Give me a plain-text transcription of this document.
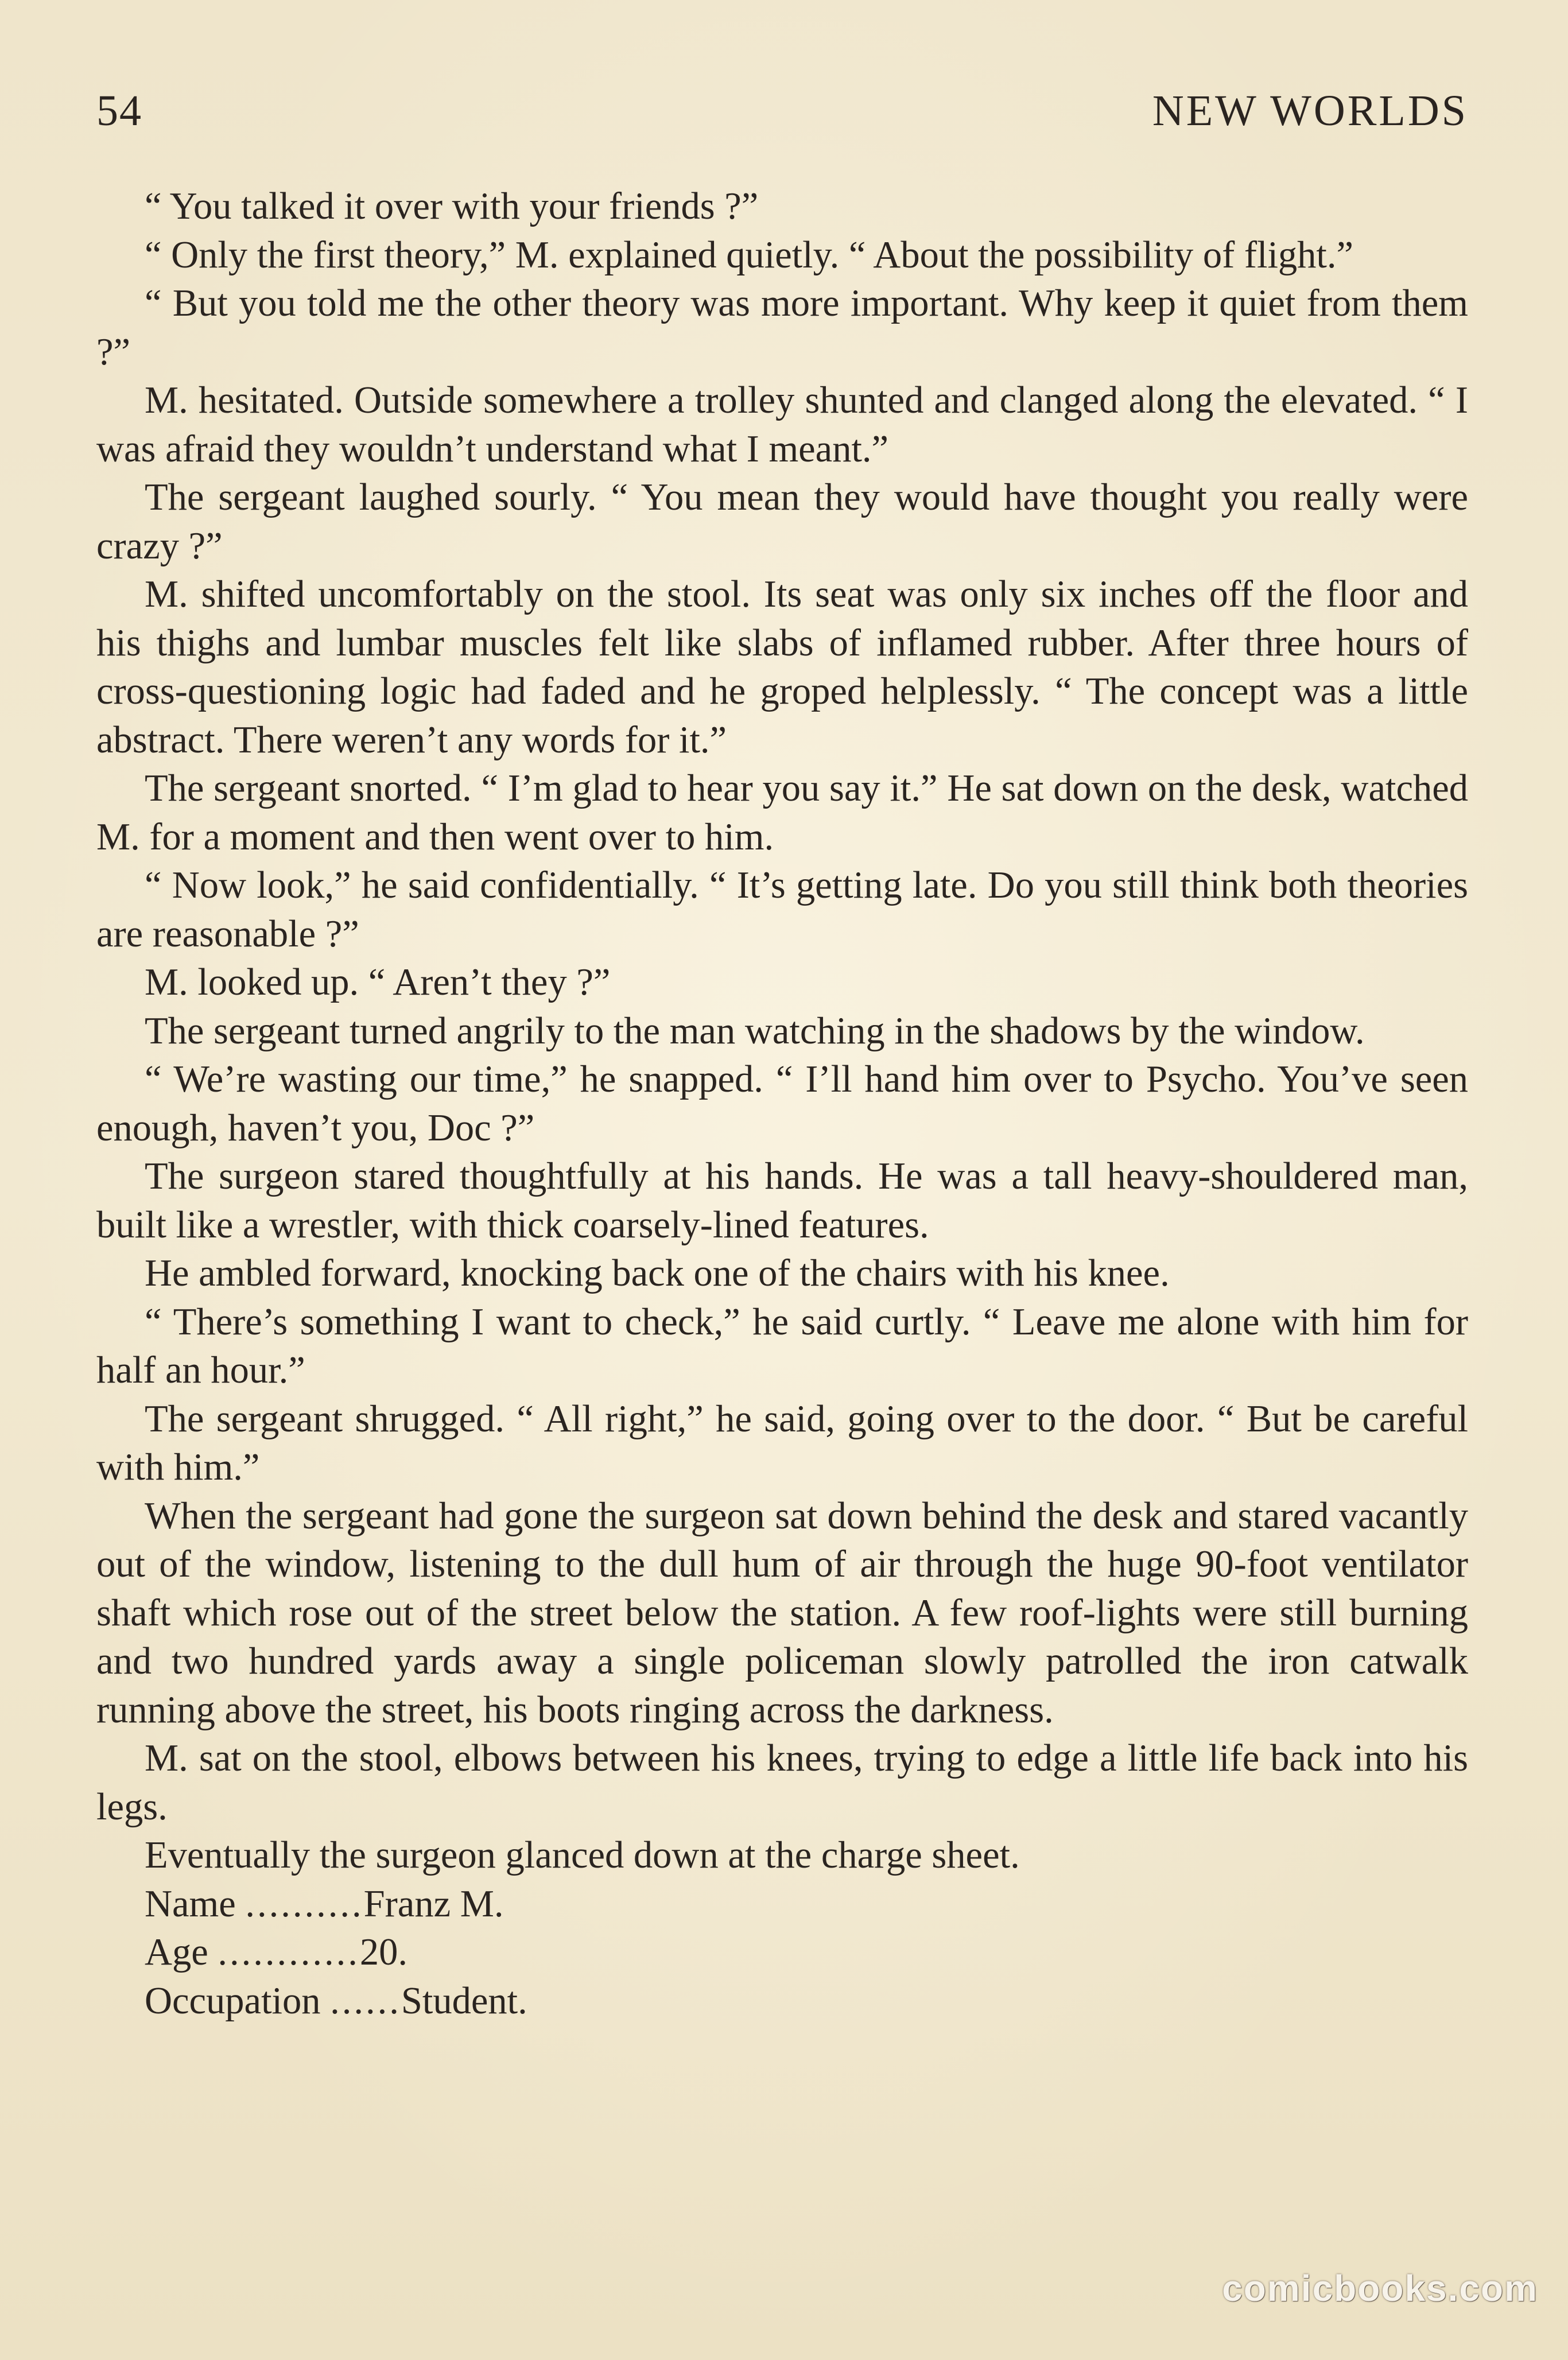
54	NEW WORLDS

“ You talked it over with your friends ?”

“ Only the first theory,” M. explained quietly. “ About the possibility of flight.”

“ But you told me the other theory was more important. Why keep it quiet from them ?”

M. hesitated. Outside somewhere a trolley shunted and clanged along the elevated. “ I was afraid they wouldn’t understand what I meant.”

The sergeant laughed sourly. “ You mean they would have thought you really were crazy ?”

M. shifted uncomfortably on the stool. Its seat was only six inches off the floor and his thighs and lumbar muscles felt like slabs of inflamed rubber. After three hours of cross-questioning logic had faded and he groped helplessly. “ The concept was a little abstract. There weren’t any words for it.”

The sergeant snorted. “ I’m glad to hear you say it.” He sat down on the desk, watched M. for a moment and then went over to him.

“ Now look,” he said confidentially. “ It’s getting late. Do you still think both theories are reasonable ?”

M. looked up. “ Aren’t they ?”

The sergeant turned angrily to the man watching in the shadows by the window.

“ We’re wasting our time,” he snapped. “ I’ll hand him over to Psycho. You’ve seen enough, haven’t you, Doc ?”

The surgeon stared thoughtfully at his hands. He was a tall heavy-shouldered man, built like a wrestler, with thick coarsely-lined features.

He ambled forward, knocking back one of the chairs with his knee.

“ There’s something I want to check,” he said curtly. “ Leave me alone with him for half an hour.”

The sergeant shrugged. “ All right,” he said, going over to the door. “ But be careful with him.”

When the sergeant had gone the surgeon sat down behind the desk and stared vacantly out of the window, listening to the dull hum of air through the huge 90-foot ventilator shaft which rose out of the street below the station. A few roof-lights were still burning and two hundred yards away a single policeman slowly patrolled the iron catwalk running above the street, his boots ringing across the darkness.

M. sat on the stool, elbows between his knees, trying to edge a little life back into his legs.

Eventually the surgeon glanced down at the charge sheet.

Name ..........Franz M.

Age ............20.

Occupation ......Student.

comicbooks.com
